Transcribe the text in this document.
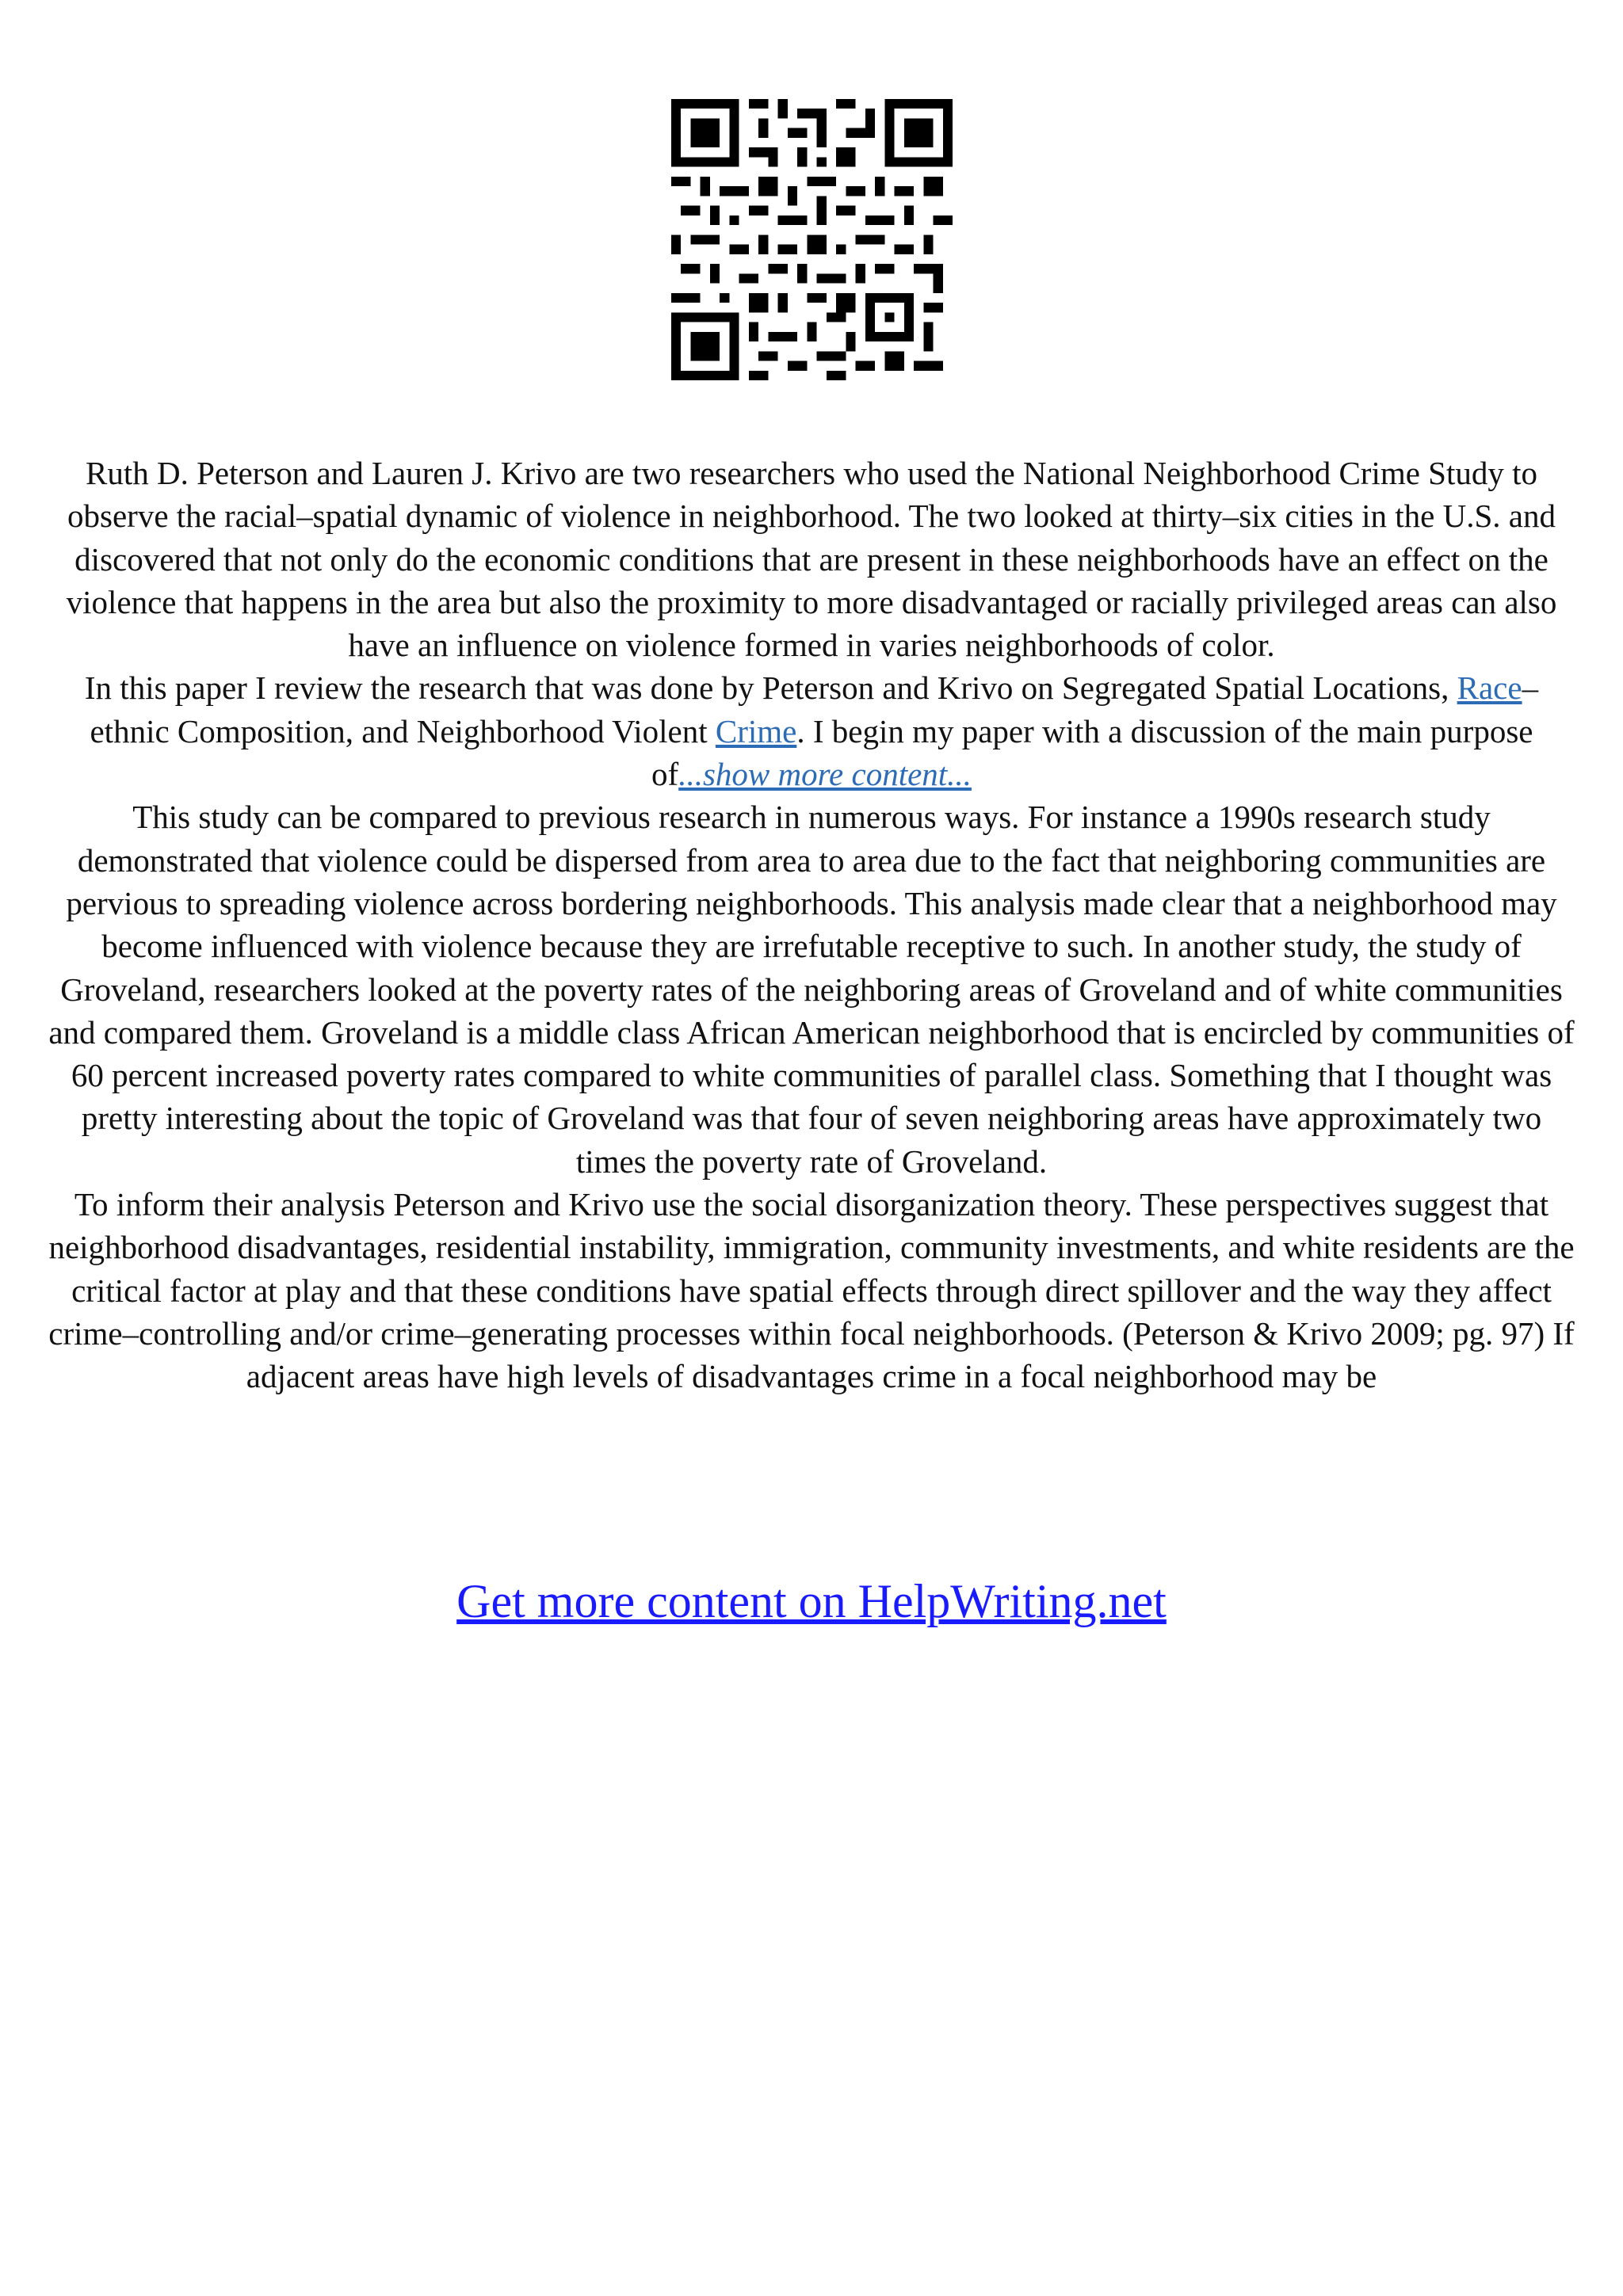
Ruth D. Peterson and Lauren J. Krivo are two researchers who used the National Neighborhood Crime Study to observe the racial–spatial dynamic of violence in neighborhood. The two looked at thirty–six cities in the U.S. and discovered that not only do the economic conditions that are present in these neighborhoods have an effect on the violence that happens in the area but also the proximity to more disadvantaged or racially privileged areas can also have an influence on violence formed in varies neighborhoods of color.

In this paper I review the research that was done by Peterson and Krivo on Segregated Spatial Locations, Race–ethnic Composition, and Neighborhood Violent Crime. I begin my paper with a discussion of the main purpose of...show more content...

This study can be compared to previous research in numerous ways. For instance a 1990s research study demonstrated that violence could be dispersed from area to area due to the fact that neighboring communities are pervious to spreading violence across bordering neighborhoods. This analysis made clear that a neighborhood may become influenced with violence because they are irrefutable receptive to such. In another study, the study of Groveland, researchers looked at the poverty rates of the neighboring areas of Groveland and of white communities and compared them. Groveland is a middle class African American neighborhood that is encircled by communities of 60 percent increased poverty rates compared to white communities of parallel class. Something that I thought was pretty interesting about the topic of Groveland was that four of seven neighboring areas have approximately two times the poverty rate of Groveland.

To inform their analysis Peterson and Krivo use the social disorganization theory. These perspectives suggest that neighborhood disadvantages, residential instability, immigration, community investments, and white residents are the critical factor at play and that these conditions have spatial effects through direct spillover and the way they affect crime–controlling and/or crime–generating processes within focal neighborhoods. (Peterson & Krivo 2009; pg. 97) If adjacent areas have high levels of disadvantages crime in a focal neighborhood may be

Get more content on HelpWriting.net
